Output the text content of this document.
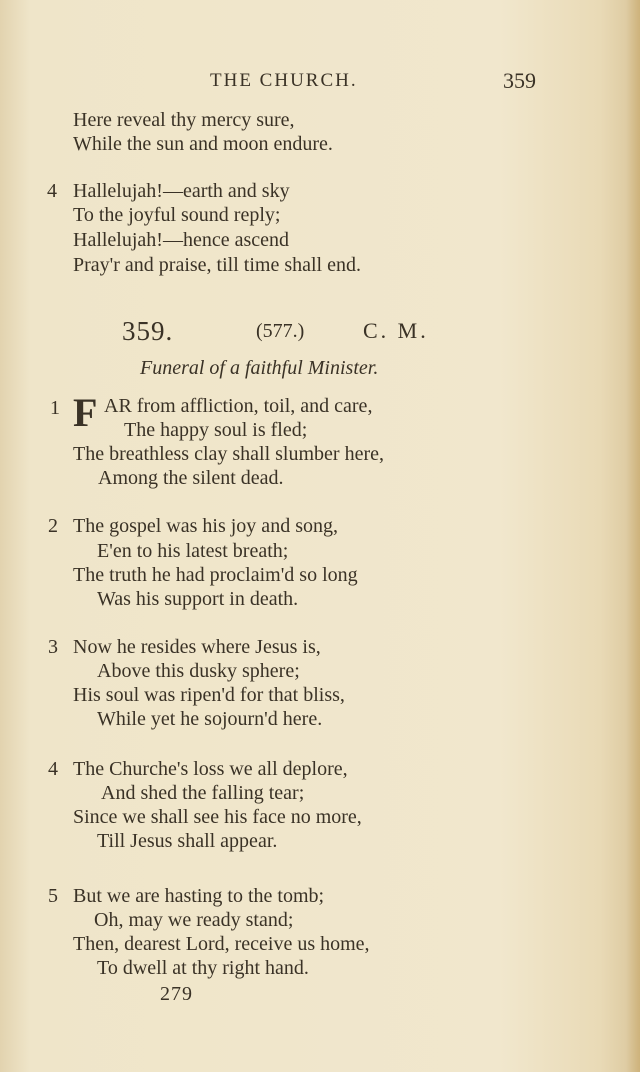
THE CHURCH.	359
Here reveal thy mercy sure,
While the sun and moon endure.
4 Hallelujah!—earth and sky
To the joyful sound reply;
Hallelujah!—hence ascend
Pray'r and praise, till time shall end.
359.	(577.)	C. M.
Funeral of a faithful Minister.
1 F AR from affliction, toil, and care,
The happy soul is fled;
The breathless clay shall slumber here,
Among the silent dead.
2 The gospel was his joy and song,
E'en to his latest breath;
The truth he had proclaim'd so long
Was his support in death.
3 Now he resides where Jesus is,
Above this dusky sphere;
His soul was ripen'd for that bliss,
While yet he sojourn'd here.
4 The Churche's loss we all deplore,
And shed the falling tear;
Since we shall see his face no more,
Till Jesus shall appear.
5 But we are hasting to the tomb;
Oh, may we ready stand;
Then, dearest Lord, receive us home,
To dwell at thy right hand.
279
